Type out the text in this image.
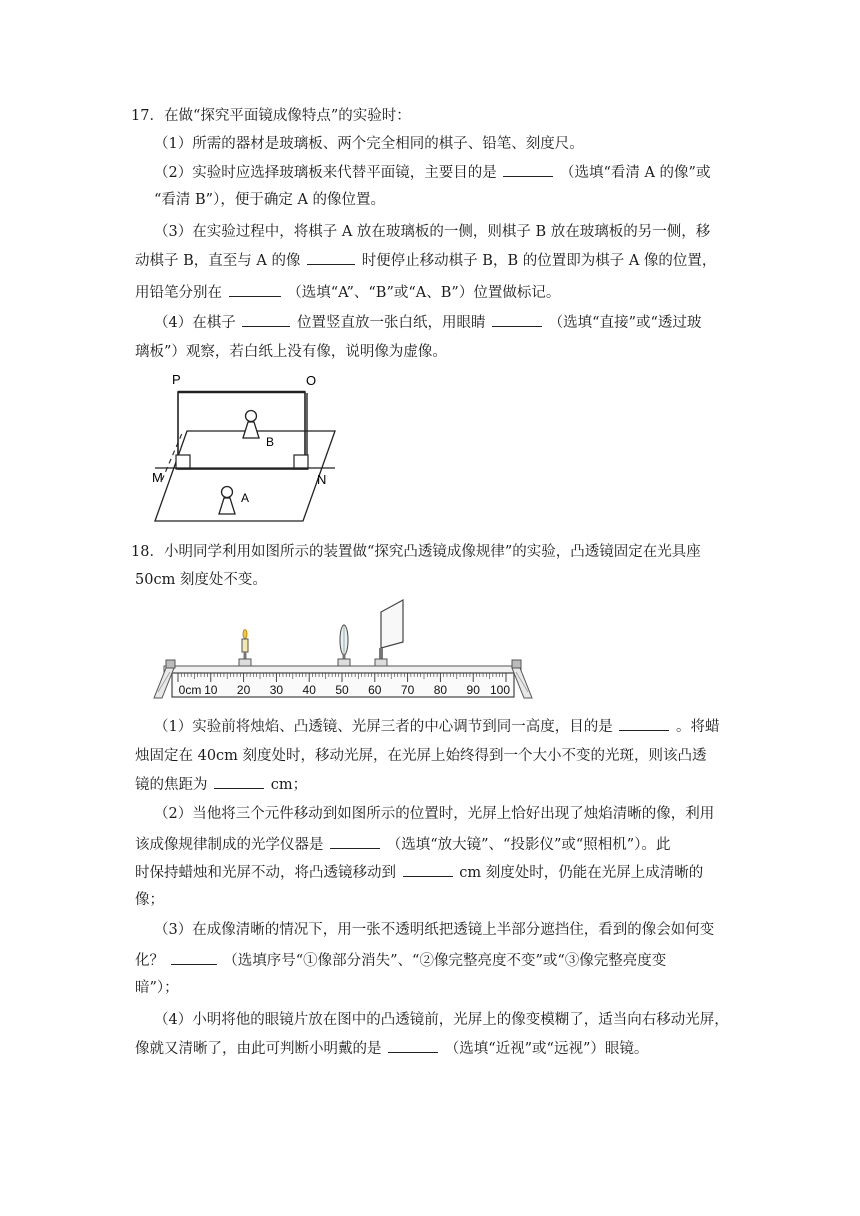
17．在做“探究平面镜成像特点”的实验时：
（1）所需的器材是玻璃板、两个完全相同的棋子、铅笔、刻度尺。
（2）实验时应选择玻璃板来代替平面镜，主要目的是	（选填“看清 A 的像”或
“看清 B”），便于确定 A 的像位置。
（3）在实验过程中，将棋子 A 放在玻璃板的一侧，则棋子 B 放在玻璃板的另一侧，移
动棋子 B，直至与 A 的像	时便停止移动棋子 B，B 的位置即为棋子 A 像的位置，
用铅笔分别在	（选填“A”、“B”或“A、B”）位置做标记。
（4）在棋子	位置竖直放一张白纸，用眼睛	（选填“直接”或“透过玻
璃板”）观察，若白纸上没有像，说明像为虚像。
P	O
B
A
M	N
18．小明同学利用如图所示的装置做“探究凸透镜成像规律”的实验，凸透镜固定在光具座
50cm 刻度处不变。
0cm 10 20 30 40 50 60 70 80 90 100
（1）实验前将烛焰、凸透镜、光屏三者的中心调节到同一高度，目的是	。将蜡
烛固定在 40cm 刻度处时，移动光屏，在光屏上始终得到一个大小不变的光斑，则该凸透
镜的焦距为	cm；
（2）当他将三个元件移动到如图所示的位置时，光屏上恰好出现了烛焰清晰的像，利用
该成像规律制成的光学仪器是	（选填“放大镜”、“投影仪”或“照相机”）。此
时保持蜡烛和光屏不动，将凸透镜移动到	cm 刻度处时，仍能在光屏上成清晰的
像；
（3）在成像清晰的情况下，用一张不透明纸把透镜上半部分遮挡住，看到的像会如何变
化？	（选填序号“①像部分消失”、“②像完整亮度不变”或“③像完整亮度变
暗”）；
（4）小明将他的眼镜片放在图中的凸透镜前，光屏上的像变模糊了，适当向右移动光屏，
像就又清晰了，由此可判断小明戴的是	（选填“近视”或“远视”）眼镜。
